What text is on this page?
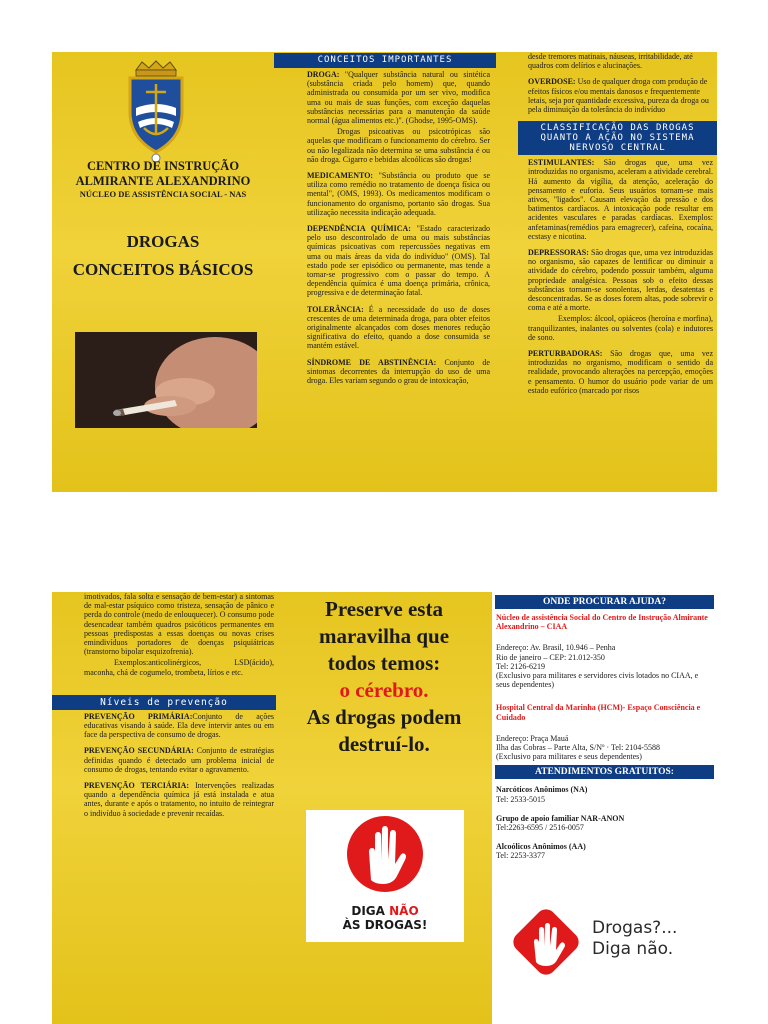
CENTRO DE INSTRUÇÃO
ALMIRANTE ALEXANDRINO
NÚCLEO DE ASSISTÊNCIA SOCIAL - NAS
DROGAS
CONCEITOS BÁSICOS
CONCEITOS IMPORTANTES

DROGA: "Qualquer substância natural ou sintética (substância criada pelo homem) que, quando administrada ou consumida por um ser vivo, modifica uma ou mais de suas funções, com exceção daquelas substâncias necessárias para a manutenção da saúde normal (água alimentos etc.)". (Ghodse, 1995-OMS).

Drogas psicoativas ou psicotrópicas são aquelas que modificam o funcionamento do cérebro. Ser ou não legalizada não determina se uma substância é ou não droga. Cigarro e bebidas alcoólicas são drogas!

MEDICAMENTO: "Substância ou produto que se utiliza como remédio no tratamento de doença física ou mental", (OMS, 1993). Os medicamentos modificam o funcionamento do organismo, portanto são drogas. Sua utilização necessita indicação adequada.

DEPENDÊNCIA QUÍMICA: "Estado caracterizado pelo uso descontrolado de uma ou mais substâncias químicas psicoativas com repercussões negativas em uma ou mais áreas da vida do indivíduo" (OMS). Tal estado pode ser episódico ou permanente, mas tende a tornar-se progressivo com o passar do tempo. A dependência química é uma doença primária, crônica, progressiva e de determinação fatal.

TOLERÂNCIA: É a necessidade do uso de doses crescentes de uma determinada droga, para obter efeitos originalmente alcançados com doses menores redução significativa do efeito, quando a dose consumida se mantém estável.

SÍNDROME DE ABSTINÊNCIA: Conjunto de sintomas decorrentes da interrupção do uso de uma droga. Eles variam segundo o grau de intoxicação,

desde tremores matinais, náuseas, irritabilidade, até quadros com delírios e alucinações.

OVERDOSE: Uso de qualquer droga com produção de efeitos físicos e/ou mentais danosos e frequentemente letais, seja por quantidade excessiva, pureza da droga ou pela diminuição da tolerância do indivíduo

CLASSIFICAÇÃO DAS DROGAS
QUANTO A AÇÃO NO SISTEMA
NERVOSO CENTRAL

ESTIMULANTES: São drogas que, uma vez introduzidas no organismo, aceleram a atividade cerebral. Há aumento da vigília, da atenção, aceleração do pensamento e euforia. Seus usuários tornam-se mais ativos, "ligados". Causam elevação da pressão e dos batimentos cardíacos. A intoxicação pode resultar em acidentes vasculares e paradas cardíacas. Exemplos: anfetaminas(remédios para emagrecer), cafeína, cocaína, ecstasy e nicotina.

DEPRESSORAS: São drogas que, uma vez introduzidas no organismo, são capazes de lentificar ou diminuir a atividade do cérebro, podendo possuir também, alguma propriedade analgésica. Pessoas sob o efeito dessas substâncias tornam-se sonolentas, lerdas, desatentas e desconcentradas. Se as doses forem altas, pode sobrevir o coma e até a morte.

Exemplos: álcool, opiáceos (heroína e morfina), tranquilizantes, inalantes ou solventes (cola) e indutores de sono.

PERTURBADORAS: São drogas que, uma vez introduzidas no organismo, modificam o sentido da realidade, provocando alterações na percepção, emoções e pensamento. O humor do usuário pode variar de um estado eufórico (marcado por risos

imotivados, fala solta e sensação de bem-estar) a sintomas de mal-estar psíquico como tristeza, sensação de pânico e perda do controle (medo de enlouquecer). O consumo pode desencadear também quadros psicóticos permanentes em pessoas predispostas a essas doenças ou novas crises emindivíduos portadores de doenças psiquiátricas (transtorno bipolar esquizofrenia).

Exemplos:anticolinérgicos, LSD(ácido), maconha, chá de cogumelo, trombeta, lírios e etc.

Níveis de prevenção

PREVENÇÃO PRIMÁRIA:Conjunto de ações educativas visando à saúde. Ela deve intervir antes ou em face da perspectiva de consumo de drogas.

PREVENÇÃO SECUNDÁRIA: Conjunto de estratégias definidas quando é detectado um problema inicial de consumo de drogas, tentando evitar o agravamento.

PREVENÇÃO TERCIÁRIA: Intervenções realizadas quando a dependência química já está instalada e atua antes, durante e após o tratamento, no intuito de reintegrar o indivíduo à sociedade e prevenir recaídas.

Preserve esta
maravilha que
todos temos:
o cérebro.
As drogas podem
destruí-lo.
DIGA NÃO
ÀS DROGAS!
ONDE PROCURAR AJUDA?

Núcleo de assistência Social do Centro de Instrução Almirante Alexandrino – CIAA

Endereço: Av. Brasil, 10.946 – Penha

Rio de janeiro – CEP: 21.012-350

Tel: 2126-6219

(Exclusivo para militares e servidores civis lotados no CIAA, e seus dependentes)

Hospital Central da Marinha (HCM)- Espaço Consciência e Cuidado

Endereço: Praça Mauá

Ilha das Cobras – Parte Alta, S/Nº · Tel: 2104-5588

(Exclusivo para militares e seus dependentes)

ATENDIMENTOS GRATUITOS:

Narcóticos Anônimos (NA)

Tel: 2533-5015

Grupo de apoio familiar NAR-ANON

Tel:2263-6595 / 2516-0057

Alcoólicos Anônimos (AA)

Tel: 2253-3377

Drogas?...
Diga não.
